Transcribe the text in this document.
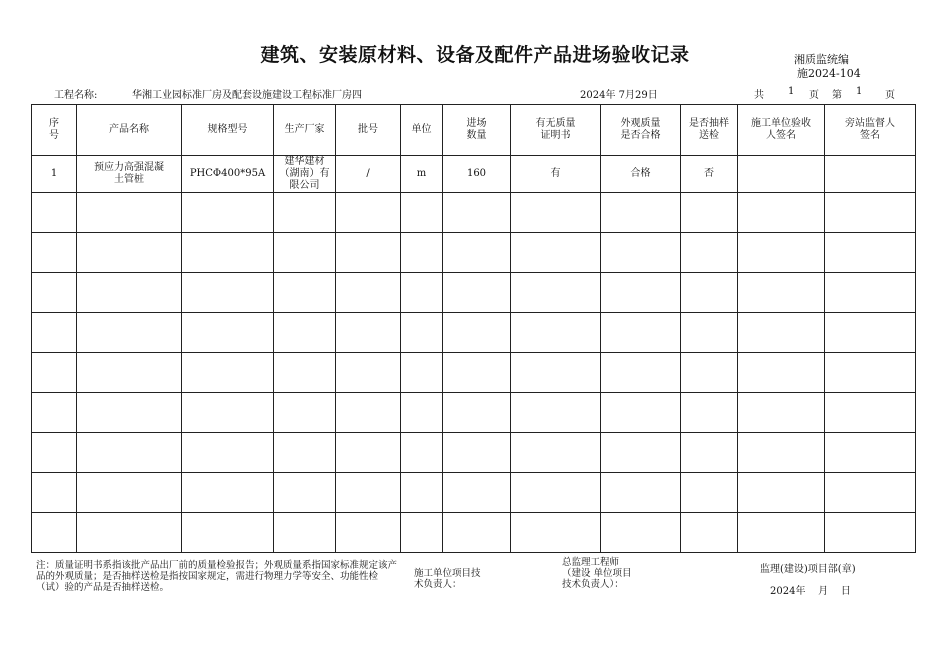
建筑、安装原材料、设备及配件产品进场验收记录	湘质监统编
施2024-104
工程名称:	华湘工业园标准厂房及配套设施建设工程标准厂房四	2024年 7月29日	共 1 页 第 1 页
序号	产品名称	规格型号	生产厂家	批号	单位	进场数量	有无质量证明书	外观质量是否合格	是否抽样送检	施工单位验收人签名	旁站监督人签名
1	预应力高强混凝土管桩	PHCΦ400*95A	建华建材（湖南）有限公司	/	m	160	有	合格	否		

注：质量证明书系指该批产品出厂前的质量检验报告；外观质量系指国家标准规定该产品的外观质量；是否抽样送检是指按国家规定，需进行物理力学等安全、功能性检（试）验的产品是否抽样送检。
施工单位项目技术负责人：
总监理工程师（建设 单位项目技术负责人）：
监理(建设)项目部(章)
2024年    月    日
